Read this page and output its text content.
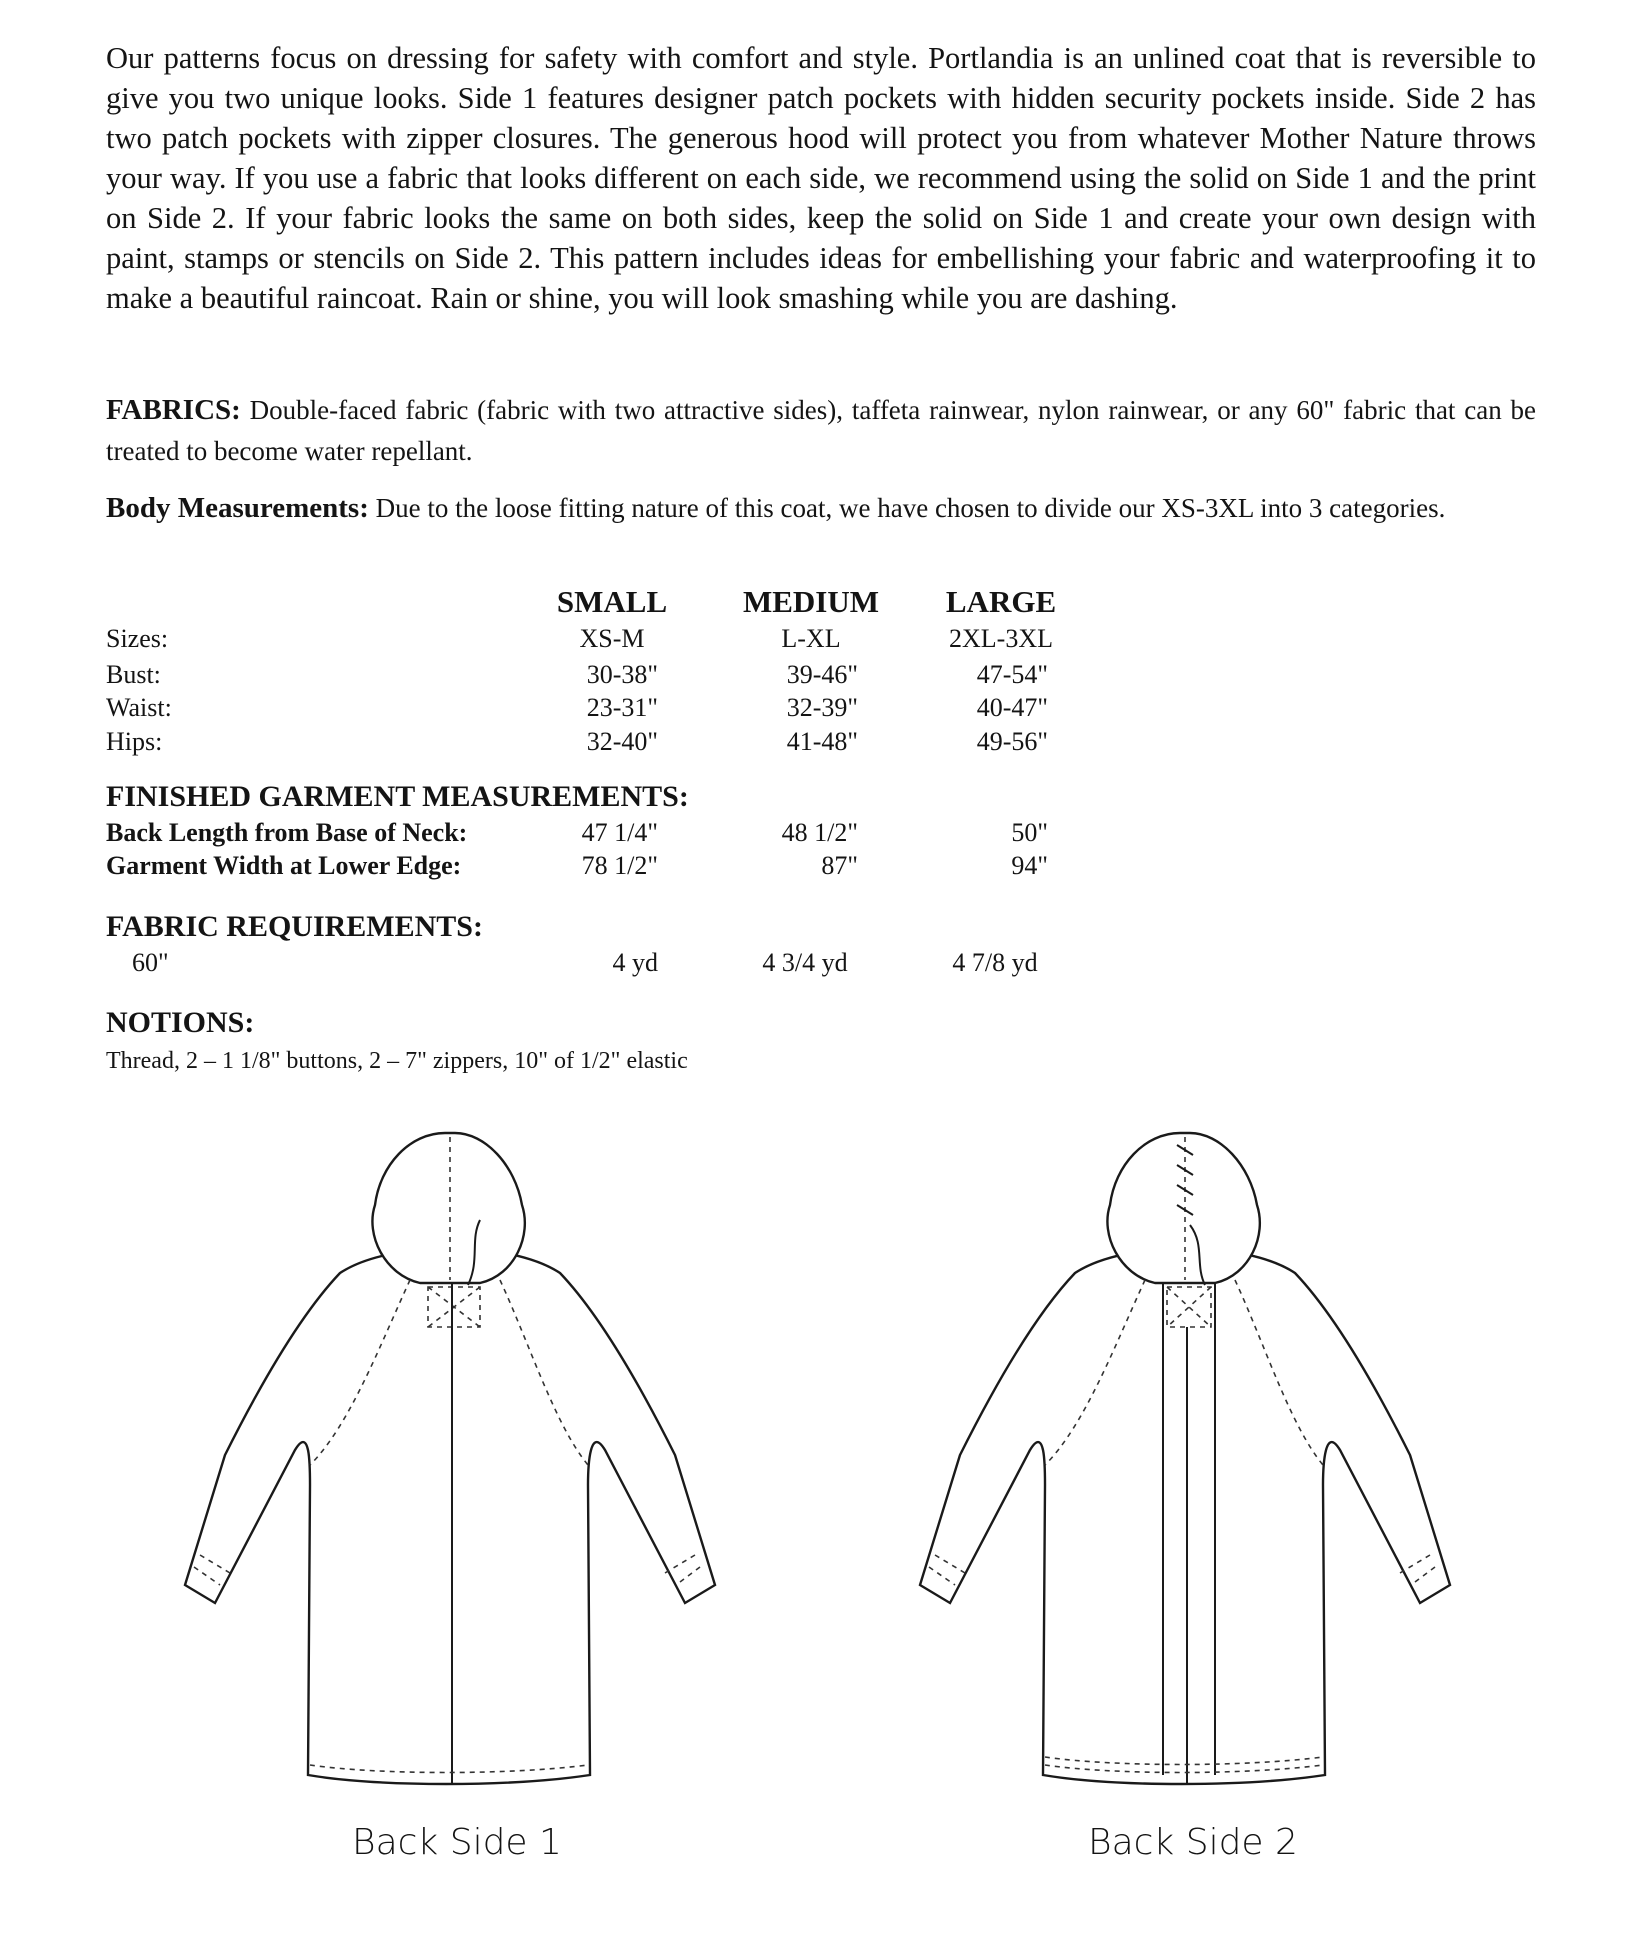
Our patterns focus on dressing for safety with comfort and style. Portlandia is an unlined coat that is reversible to give you two unique looks. Side 1 features designer patch pockets with hidden security pockets inside. Side 2 has two patch pockets with zipper closures. The generous hood will protect you from whatever Mother Nature throws your way. If you use a fabric that looks different on each side, we recommend using the solid on Side 1 and the print on Side 2. If your fabric looks the same on both sides, keep the solid on Side 1 and create your own design with paint, stamps or stencils on Side 2. This pattern includes ideas for embellishing your fabric and waterproofing it to make a beautiful raincoat. Rain or shine, you will look smashing while you are dashing.

FABRICS: Double-faced fabric (fabric with two attractive sides), taffeta rainwear, nylon rainwear, or any 60" fabric that can be treated to become water repellant.

Body Measurements: Due to the loose fitting nature of this coat, we have chosen to divide our XS-3XL into 3 categories.

SMALL	MEDIUM	LARGE
Sizes:	XS-M	L-XL	2XL-3XL
Bust:	30-38"	39-46"	47-54"
Waist:	23-31"	32-39"	40-47"
Hips:	32-40"	41-48"	49-56"
FINISHED GARMENT MEASUREMENTS:
Back Length from Base of Neck:	47 1/4"	48 1/2"	50"
Garment Width at Lower Edge:	78 1/2"	87"	94"
FABRIC REQUIREMENTS:
60"	4 yd	4 3/4 yd	4 7/8 yd
NOTIONS:
Thread, 2 – 1 1/8" buttons, 2 – 7" zippers, 10" of 1/2" elastic
Back Side 1	Back Side 2
